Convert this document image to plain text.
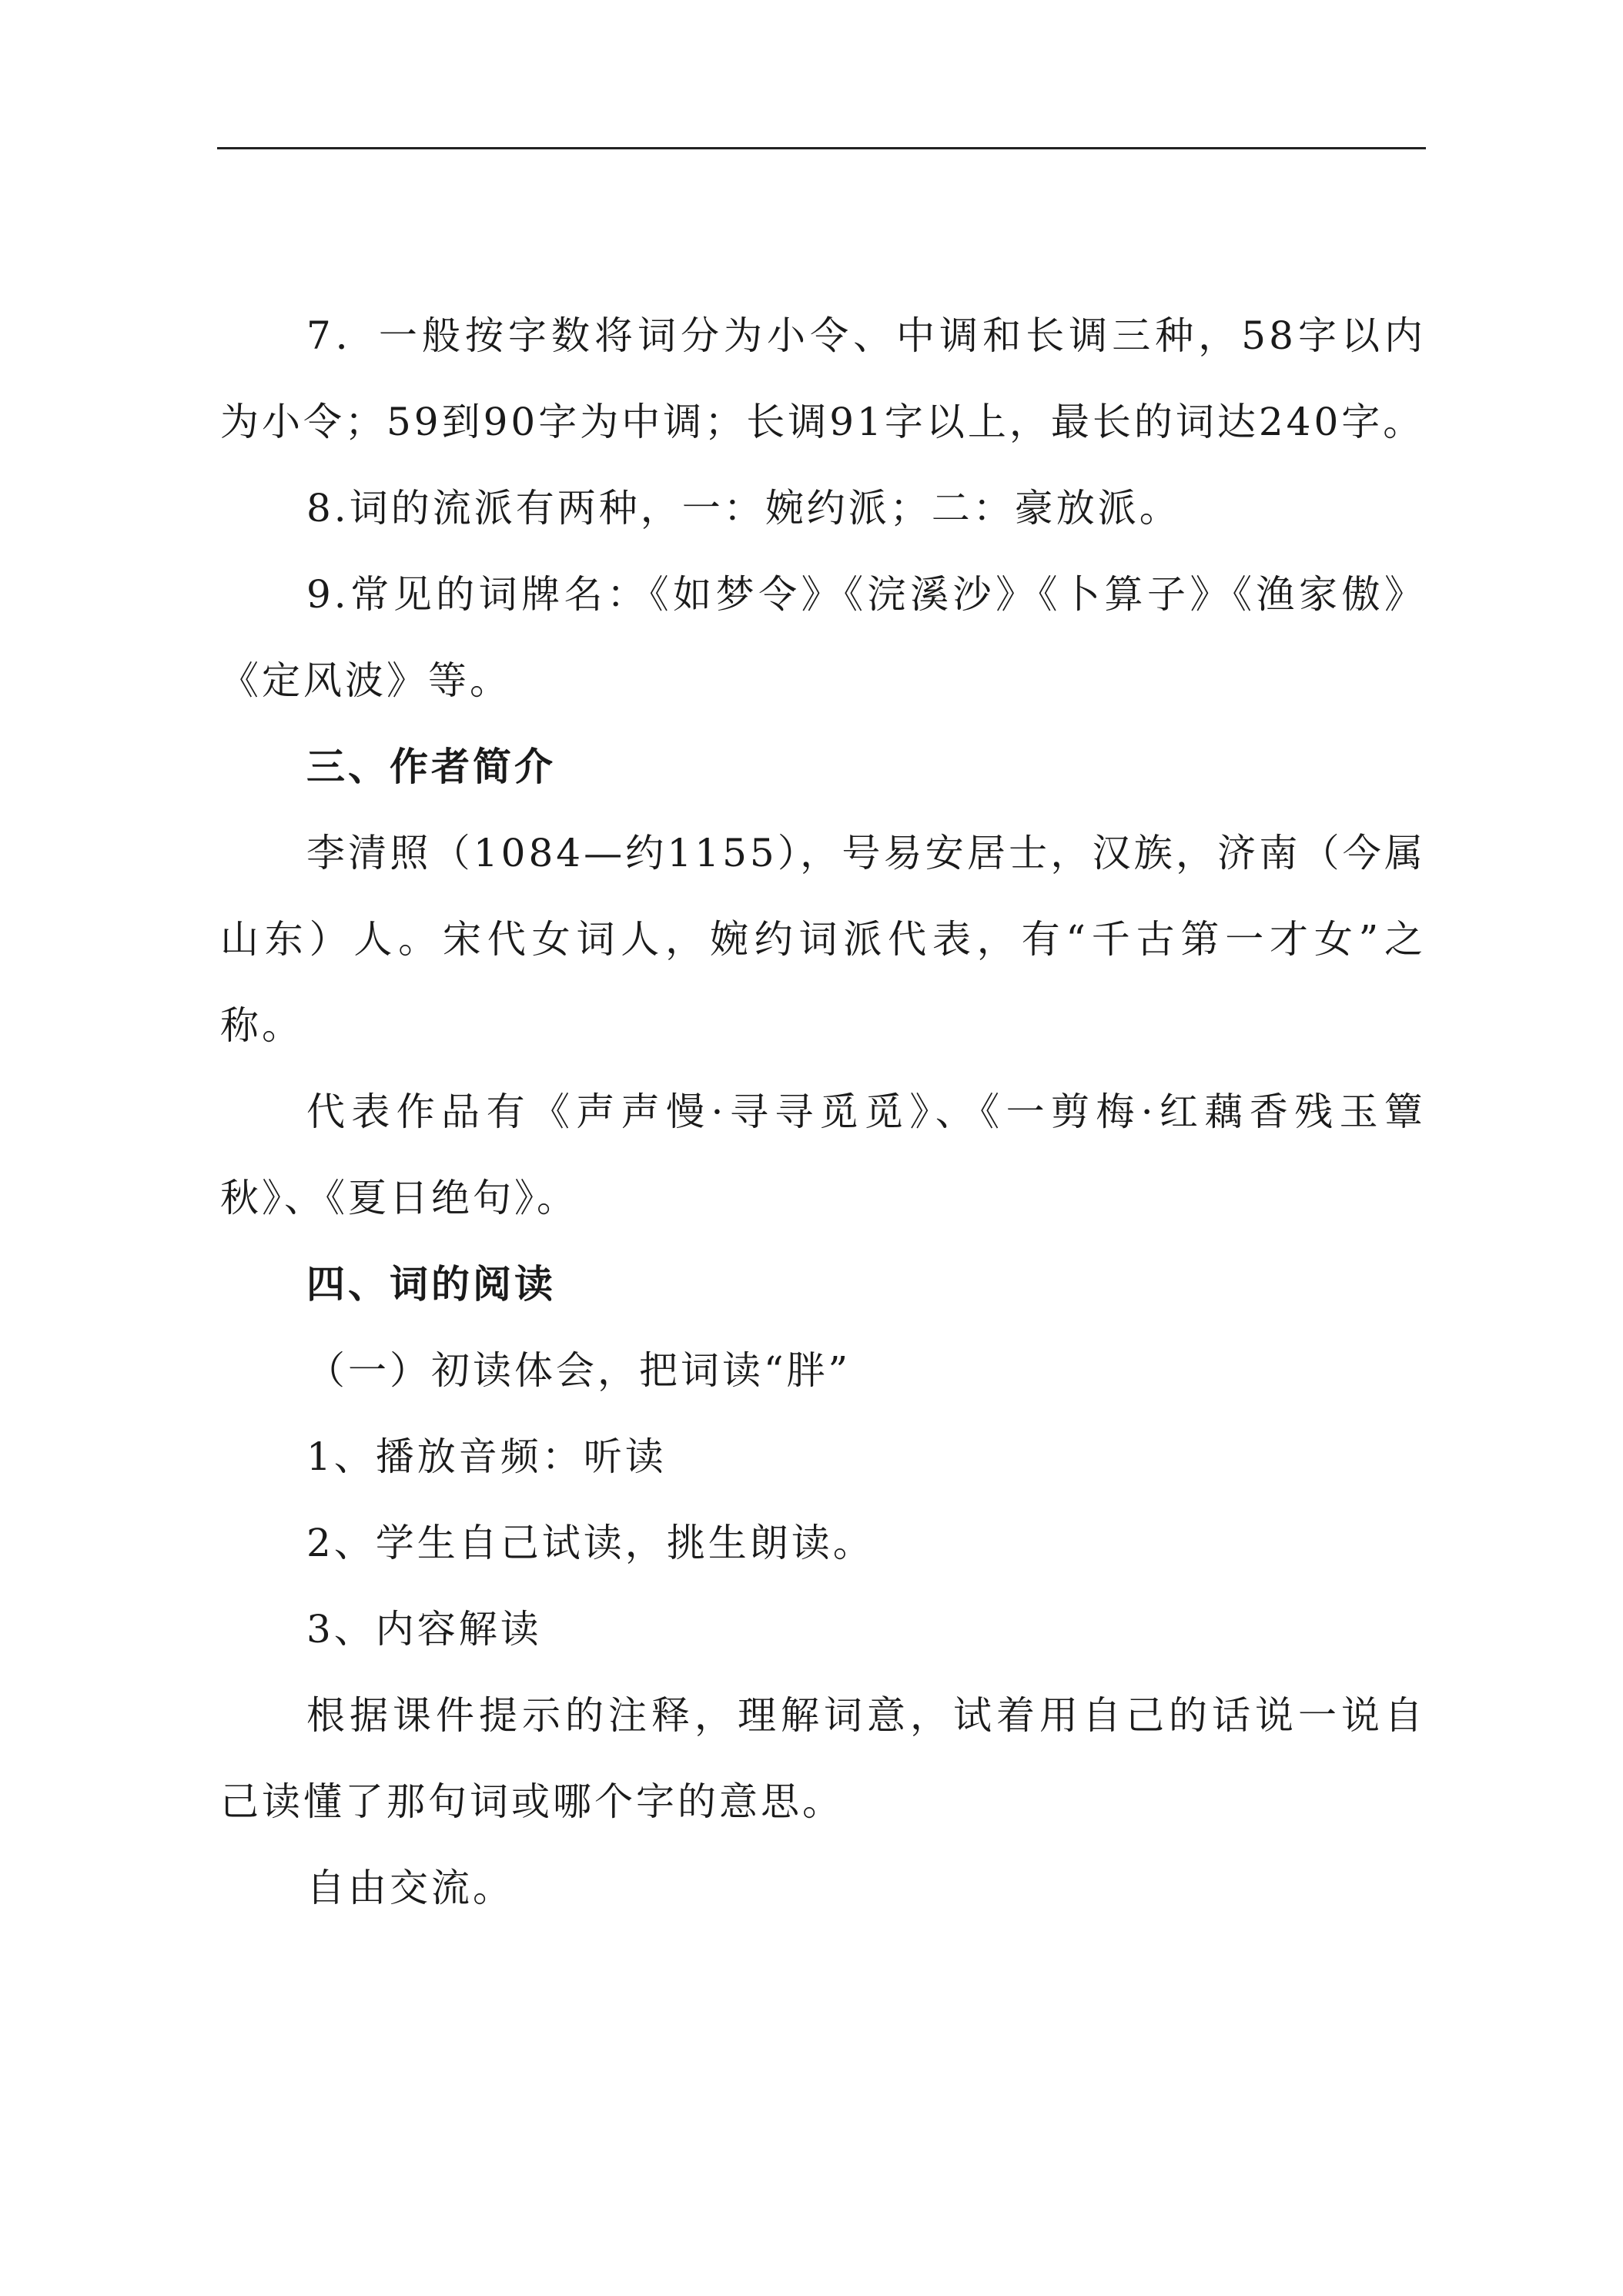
7．一般按字数将词分为小令、中调和长调三种，58字以内为小令；59到90字为中调；长调91字以上，最长的词达240字。

8.词的流派有两种，一：婉约派；二：豪放派。

9.常见的词牌名：《如梦令》《浣溪沙》《卜算子》《渔家傲》《定风波》等。

三、作者简介

李清照（1084—约1155），号易安居士，汉族，济南（今属山东）人。宋代女词人，婉约词派代表，有“千古第一才女”之称。

代表作品有《声声慢·寻寻觅觅》、《一剪梅·红藕香残玉簟秋》、《夏日绝句》。

四、词的阅读

（一）初读体会，把词读“胖”

1、播放音频：听读

2、学生自己试读，挑生朗读。

3、内容解读

根据课件提示的注释，理解词意，试着用自己的话说一说自己读懂了那句词或哪个字的意思。

自由交流。
